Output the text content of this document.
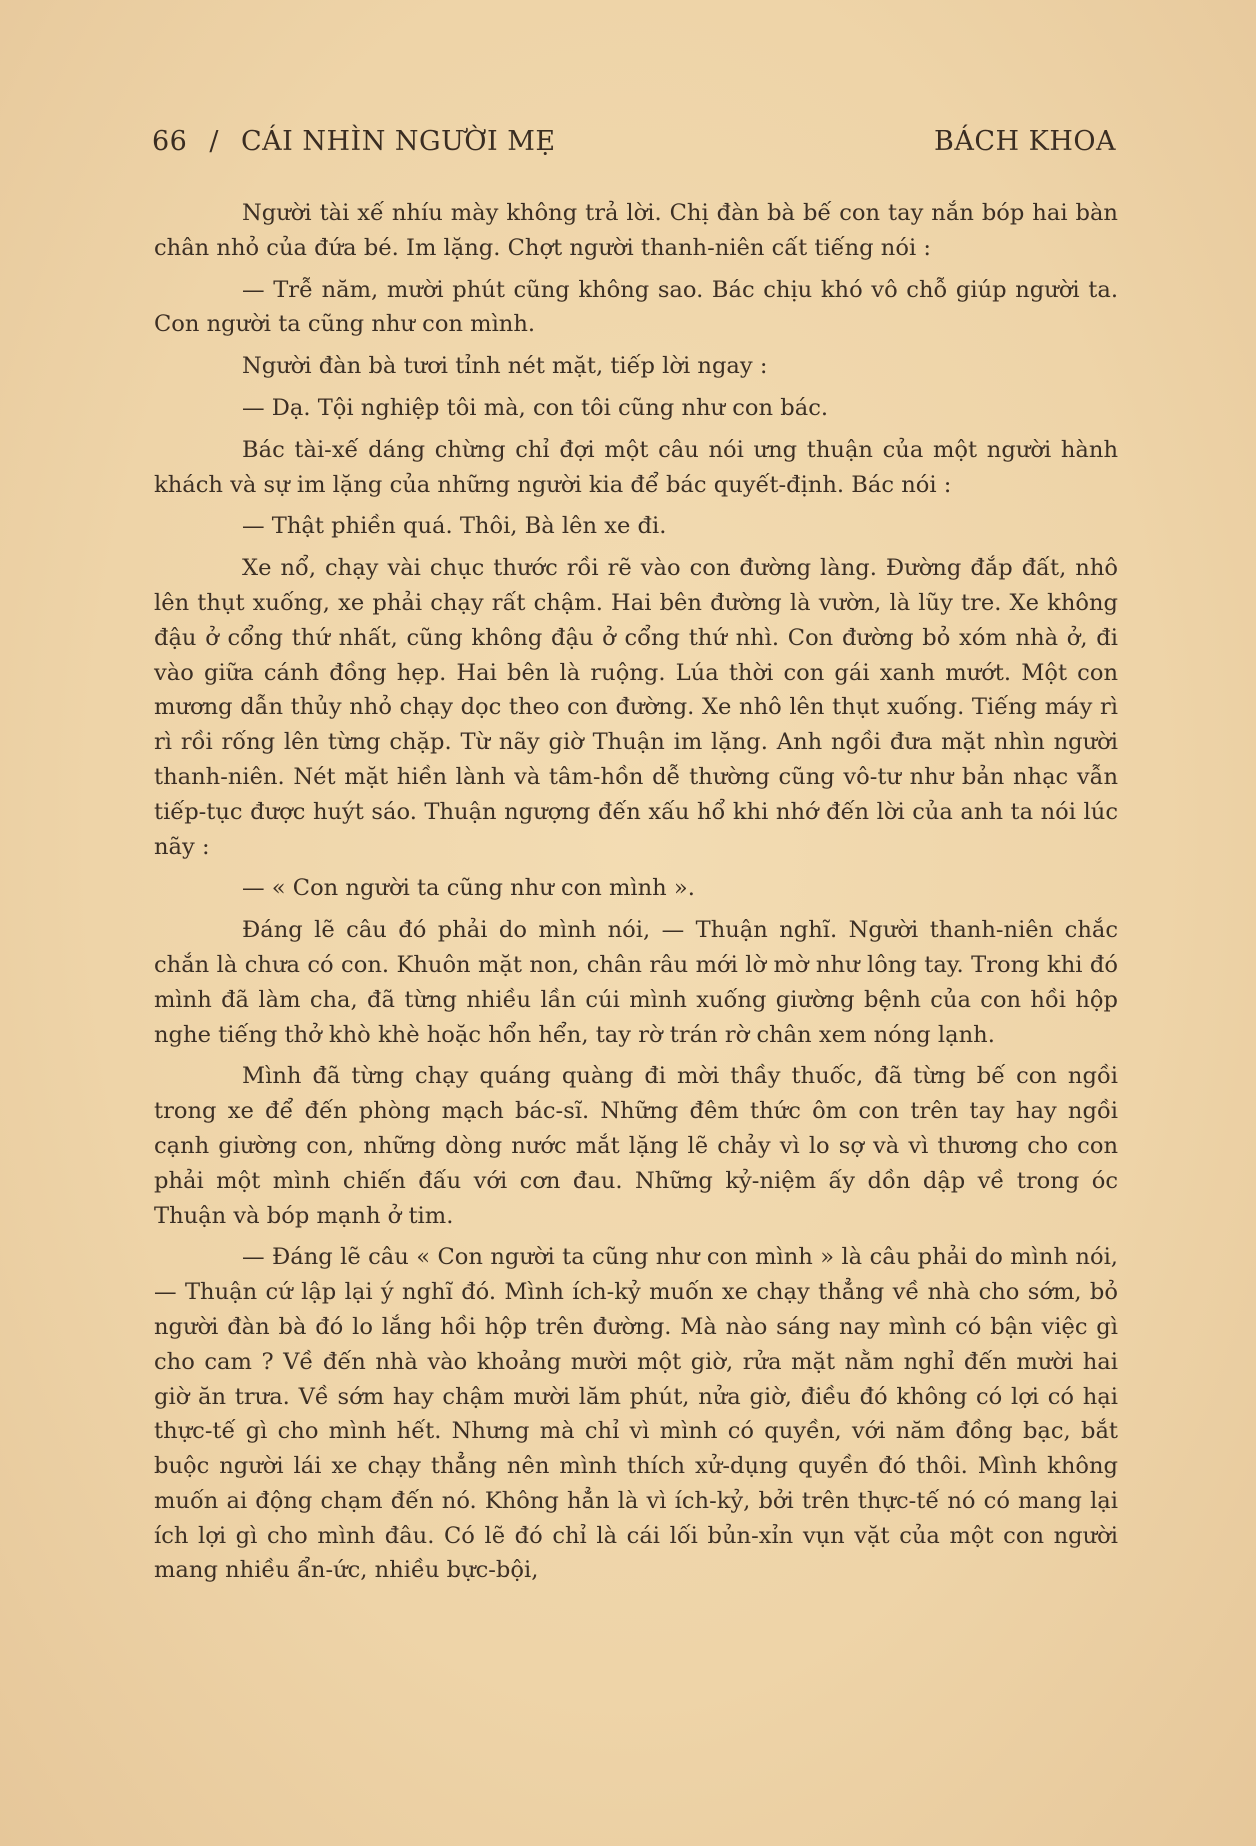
66 / CÁI NHÌN NGƯỜI MẸ	BÁCH KHOA

Người tài xế nhíu mày không trả lời. Chị đàn bà bế con tay nắn bóp hai bàn chân nhỏ của đứa bé. Im lặng. Chợt người thanh-niên cất tiếng nói :

— Trễ năm, mười phút cũng không sao. Bác chịu khó vô chỗ giúp người ta. Con người ta cũng như con mình.

Người đàn bà tươi tỉnh nét mặt, tiếp lời ngay :

— Dạ. Tội nghiệp tôi mà, con tôi cũng như con bác.

Bác tài-xế dáng chừng chỉ đợi một câu nói ưng thuận của một người hành khách và sự im lặng của những người kia để bác quyết-định. Bác nói :

— Thật phiền quá. Thôi, Bà lên xe đi.

Xe nổ, chạy vài chục thước rồi rẽ vào con đường làng. Đường đắp đất, nhô lên thụt xuống, xe phải chạy rất chậm. Hai bên đường là vườn, là lũy tre. Xe không đậu ở cổng thứ nhất, cũng không đậu ở cổng thứ nhì. Con đường bỏ xóm nhà ở, đi vào giữa cánh đồng hẹp. Hai bên là ruộng. Lúa thời con gái xanh mướt. Một con mương dẫn thủy nhỏ chạy dọc theo con đường. Xe nhô lên thụt xuống. Tiếng máy rì rì rồi rống lên từng chặp. Từ nãy giờ Thuận im lặng. Anh ngồi đưa mặt nhìn người thanh-niên. Nét mặt hiền lành và tâm-hồn dễ thường cũng vô-tư như bản nhạc vẫn tiếp-tục được huýt sáo. Thuận ngượng đến xấu hổ khi nhớ đến lời của anh ta nói lúc nãy :

— « Con người ta cũng như con mình ».

Đáng lẽ câu đó phải do mình nói, — Thuận nghĩ. Người thanh-niên chắc chắn là chưa có con. Khuôn mặt non, chân râu mới lờ mờ như lông tay. Trong khi đó mình đã làm cha, đã từng nhiều lần cúi mình xuống giường bệnh của con hồi hộp nghe tiếng thở khò khè hoặc hổn hển, tay rờ trán rờ chân xem nóng lạnh.

Mình đã từng chạy quáng quàng đi mời thầy thuốc, đã từng bế con ngồi trong xe để đến phòng mạch bác-sĩ. Những đêm thức ôm con trên tay hay ngồi cạnh giường con, những dòng nước mắt lặng lẽ chảy vì lo sợ và vì thương cho con phải một mình chiến đấu với cơn đau. Những kỷ-niệm ấy dồn dập về trong óc Thuận và bóp mạnh ở tim.

— Đáng lẽ câu « Con người ta cũng như con mình » là câu phải do mình nói, — Thuận cứ lập lại ý nghĩ đó. Mình ích-kỷ muốn xe chạy thẳng về nhà cho sớm, bỏ người đàn bà đó lo lắng hồi hộp trên đường. Mà nào sáng nay mình có bận việc gì cho cam ? Về đến nhà vào khoảng mười một giờ, rửa mặt nằm nghỉ đến mười hai giờ ăn trưa. Về sớm hay chậm mười lăm phút, nửa giờ, điều đó không có lợi có hại thực-tế gì cho mình hết. Nhưng mà chỉ vì mình có quyền, với năm đồng bạc, bắt buộc người lái xe chạy thẳng nên mình thích xử-dụng quyền đó thôi. Mình không muốn ai động chạm đến nó. Không hẳn là vì ích-kỷ, bởi trên thực-tế nó có mang lại ích lợi gì cho mình đâu. Có lẽ đó chỉ là cái lối bủn-xỉn vụn vặt của một con người mang nhiều ẩn-ức, nhiều bực-bội,
